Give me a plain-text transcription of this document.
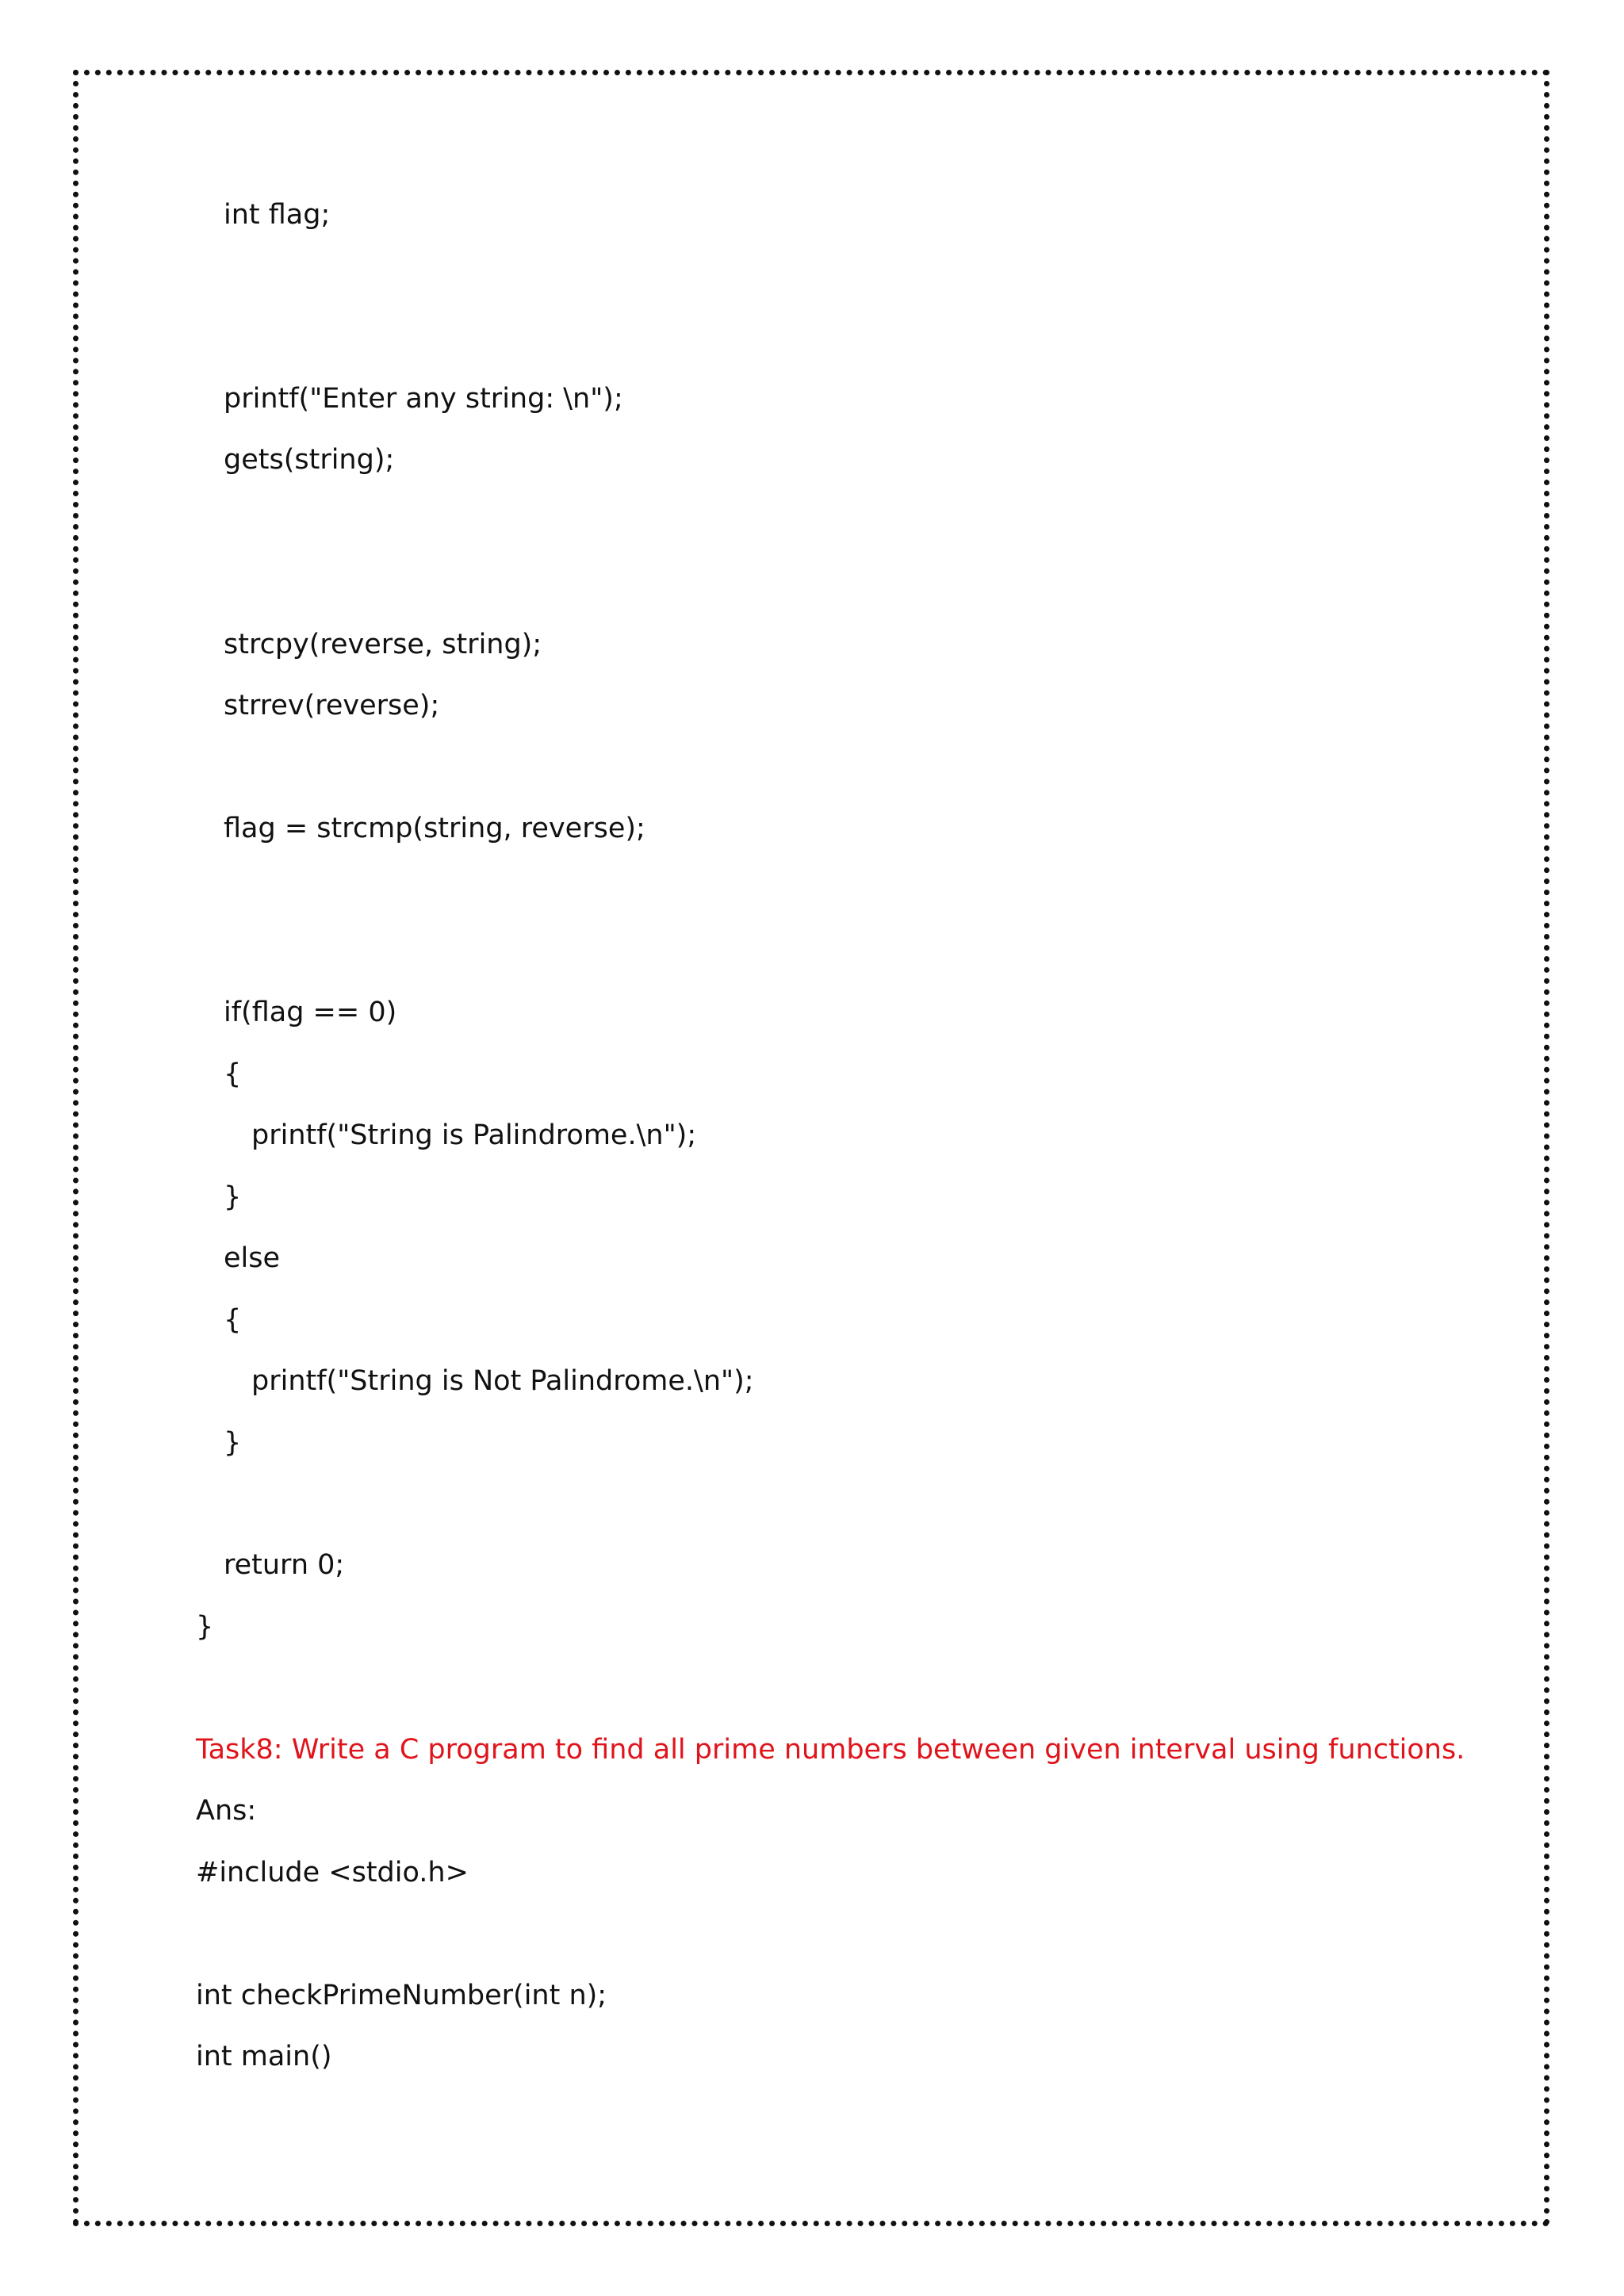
int flag;
printf("Enter any string: \n");
gets(string);
strcpy(reverse, string);
strrev(reverse);
flag = strcmp(string, reverse);
if(flag == 0)
{
printf("String is Palindrome.\n");
}
else
{
printf("String is Not Palindrome.\n");
}
return 0;
}
Task8: Write a C program to find all prime numbers between given interval using functions.
Ans:
#include <stdio.h>
int checkPrimeNumber(int n);
int main()
